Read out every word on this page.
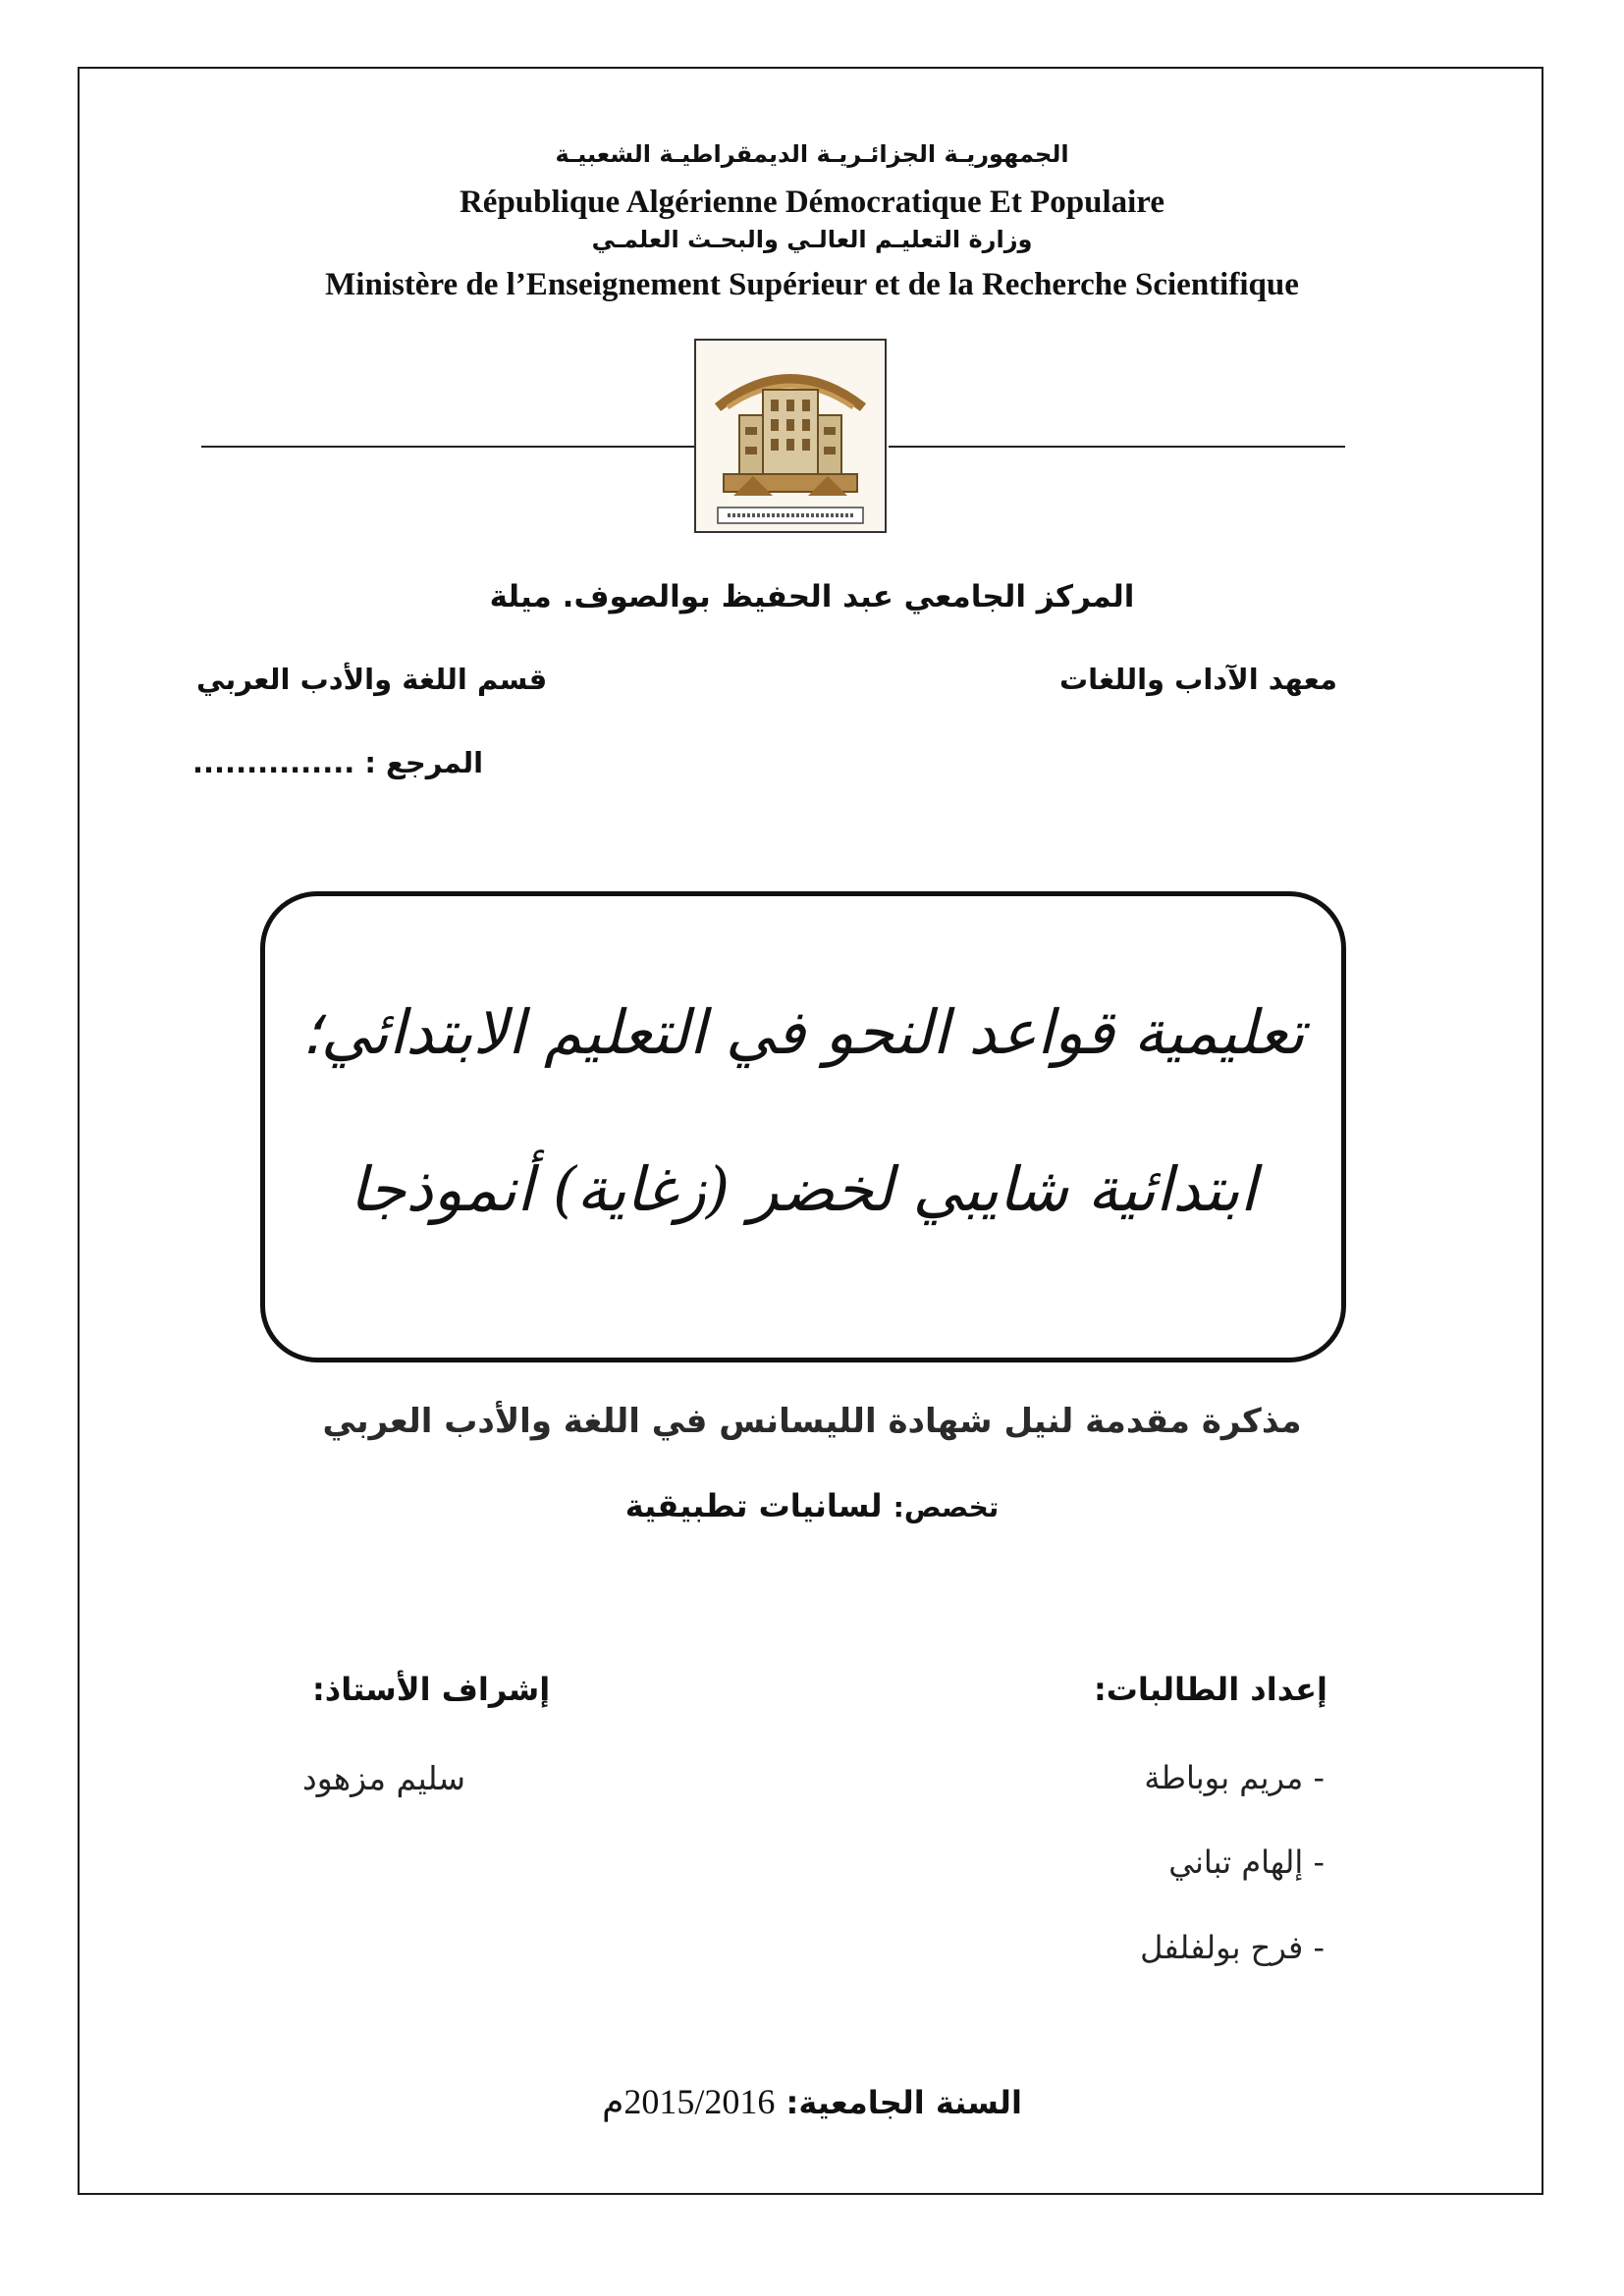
الجمهوريـة الجزائـريـة الديمقراطيـة الشعبيـة
République Algérienne Démocratique Et Populaire
وزارة التعليـم العالـي والبحـث العلمـي
Ministère de l’Enseignement Supérieur et de la Recherche Scientifique
المركز الجامعي عبد الحفيظ بوالصوف. ميلة
معهد الآداب واللغات
قسم اللغة والأدب العربي
............... المرجع :
تعليمية قواعد النحو في التعليم الابتدائي؛
ابتدائية شايبي لخضر (زغاية) أنموذجا
مذكرة مقدمة لنيل شهادة الليسانس في اللغة والأدب العربي
تخصص: لسانيات تطبيقية
إعداد الطالبات:
إشراف الأستاذ:
- مريم بوباطة
- إلهام تباني
- فرح بولفلفل
سليم مزهود
السنة الجامعية: 2015/2016م
